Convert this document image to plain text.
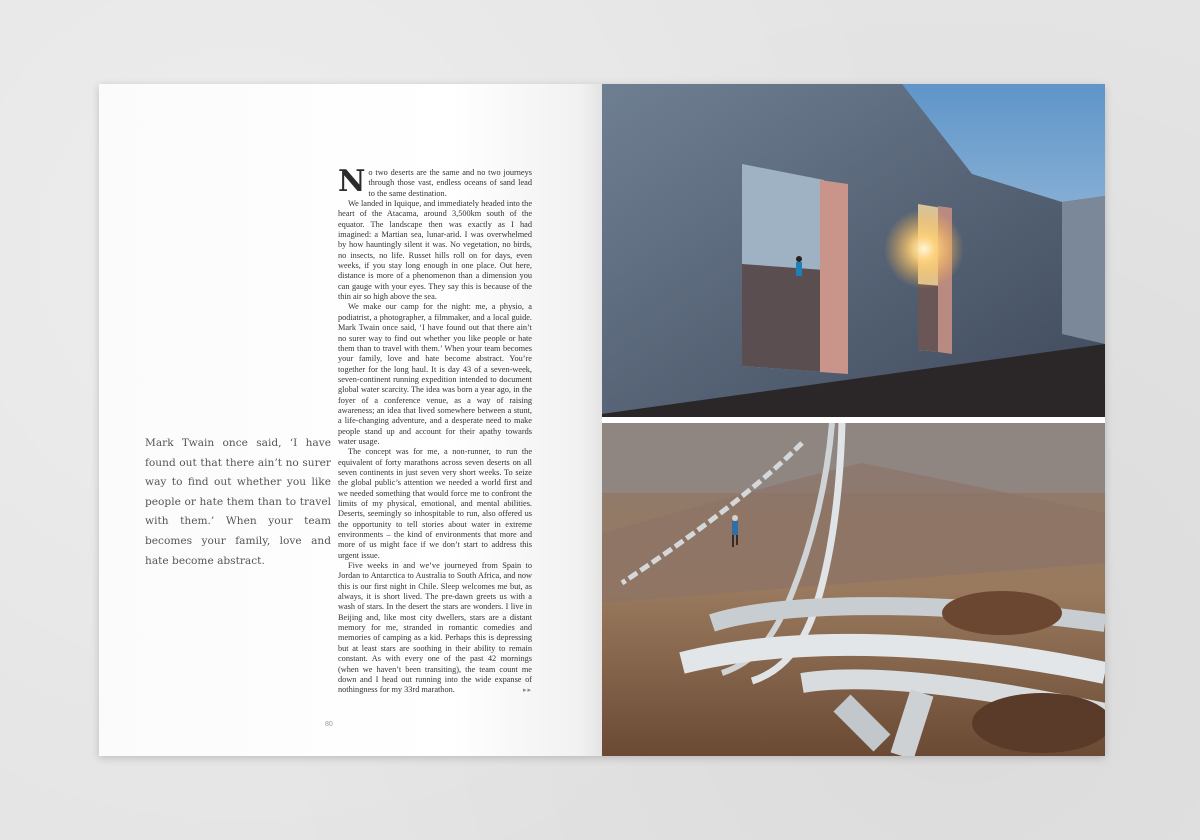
Mark Twain once said, ‘I have found out that there ain’t no surer way to find out whether you like people or hate them than to travel with them.’ When your team becomes your family, love and hate become abstract.

No two deserts are the same and no two journeys through those vast, endless oceans of sand lead to the same destination.

We landed in Iquique, and immediately headed into the heart of the Atacama, around 3,500km south of the equator. The landscape then was exactly as I had imagined: a Martian sea, lunar-arid. I was overwhelmed by how hauntingly silent it was. No vegetation, no birds, no insects, no life. Russet hills roll on for days, even weeks, if you stay long enough in one place. Out here, distance is more of a phenomenon than a dimension you can gauge with your eyes. They say this is because of the thin air so high above the sea.

We make our camp for the night: me, a physio, a podiatrist, a photographer, a filmmaker, and a local guide. Mark Twain once said, ‘I have found out that there ain’t no surer way to find out whether you like people or hate them than to travel with them.’ When your team becomes your family, love and hate become abstract. You’re together for the long haul. It is day 43 of a seven-week, seven-continent running expedition intended to document global water scarcity. The idea was born a year ago, in the foyer of a conference venue, as a way of raising awareness; an idea that lived somewhere between a stunt, a life-changing adventure, and a desperate need to make people stand up and account for their apathy towards water usage.

The concept was for me, a non-runner, to run the equivalent of forty marathons across seven deserts on all seven continents in just seven very short weeks. To seize the global public’s attention we needed a world first and we needed something that would force me to confront the limits of my physical, emotional, and mental abilities. Deserts, seemingly so inhospitable to run, also offered us the opportunity to tell stories about water in extreme environments – the kind of environments that more and more of us might face if we don’t start to address this urgent issue.

Five weeks in and we’ve journeyed from Spain to Jordan to Antarctica to Australia to South Africa, and now this is our first night in Chile. Sleep welcomes me but, as always, it is short lived. The pre-dawn greets us with a wash of stars. In the desert the stars are wonders. I live in Beijing and, like most city dwellers, stars are a distant memory for me, stranded in romantic comedies and memories of camping as a kid. Perhaps this is depressing but at least stars are soothing in their ability to remain constant. As with every one of the past 42 mornings (when we haven’t been transiting), the team count me down and I head out running into the wide expanse of nothingness for my 33rd marathon.	▸▸

80
